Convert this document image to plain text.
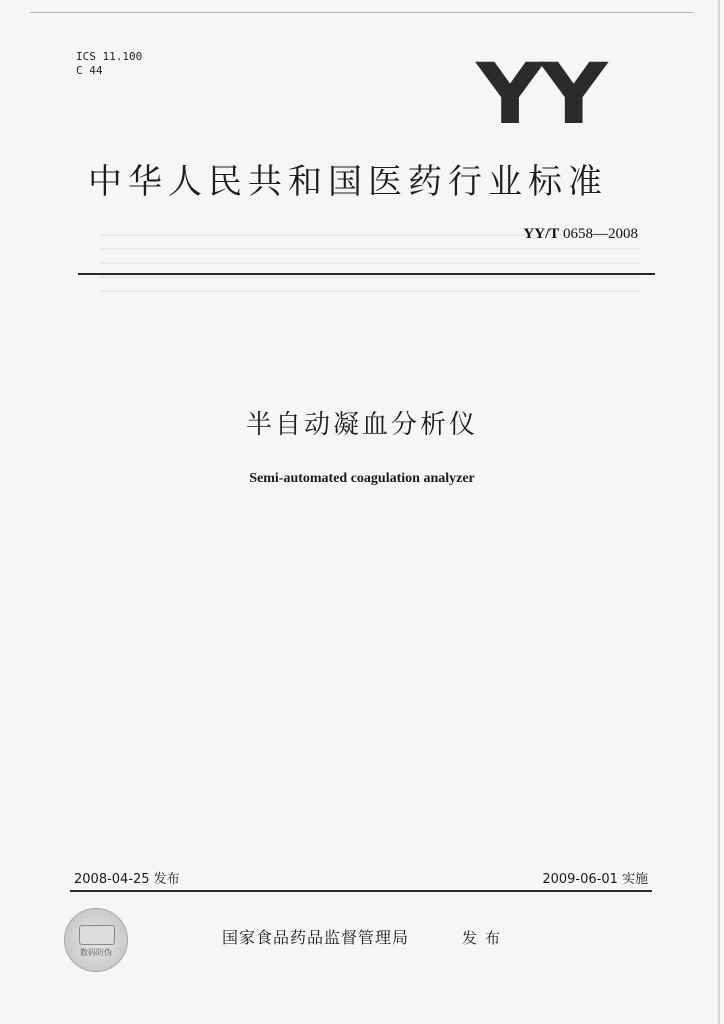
ICS 11.100
C 44	YY
中华人民共和国医药行业标准
YY/T 0658—2008
半自动凝血分析仪
Semi-automated coagulation analyzer
2008-04-25 发布	2009-06-01 实施
数码防伪
国家食品药品监督管理局	发布
